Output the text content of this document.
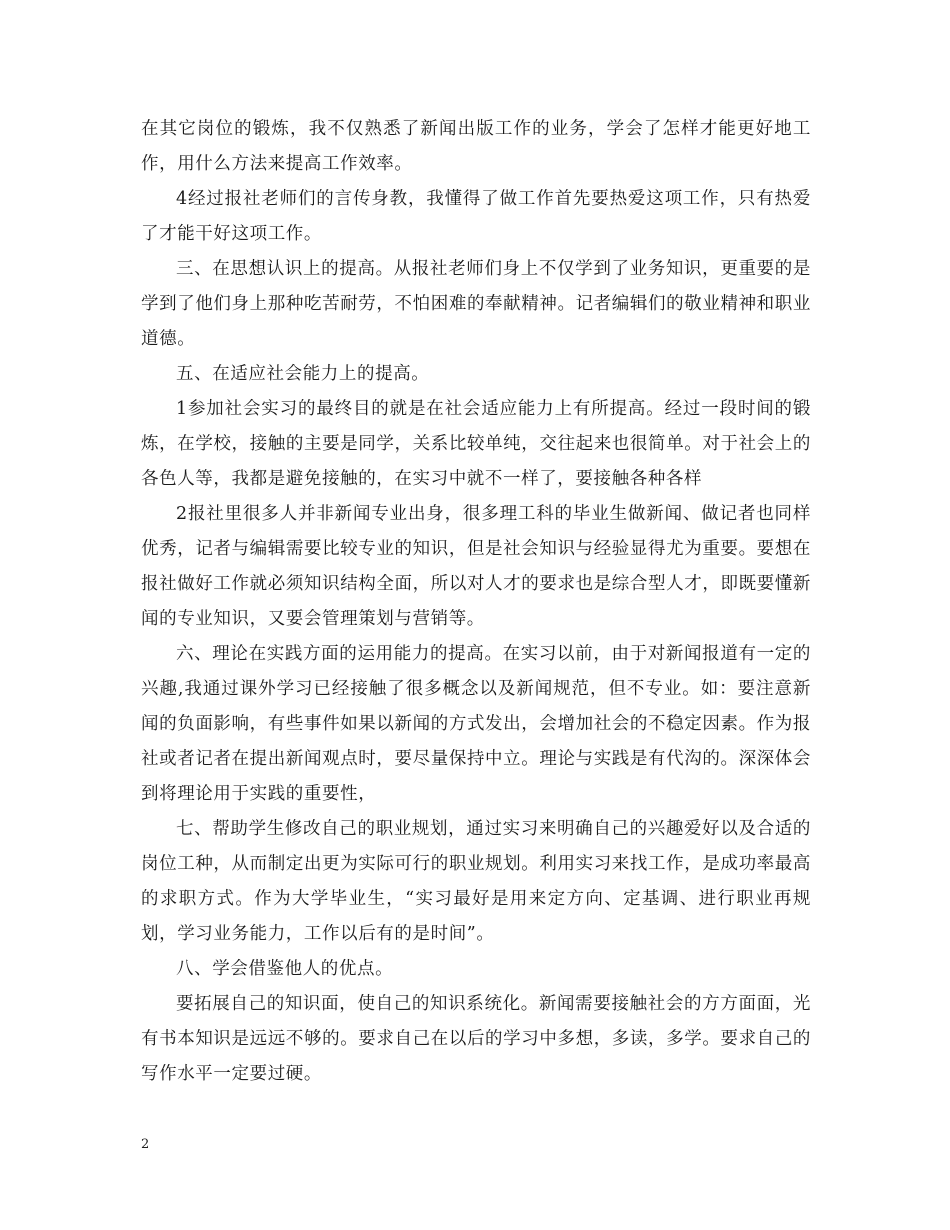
在其它岗位的锻炼，我不仅熟悉了新闻出版工作的业务，学会了怎样才能更好地工作，用什么方法来提高工作效率。

4经过报社老师们的言传身教，我懂得了做工作首先要热爱这项工作，只有热爱了才能干好这项工作。

三、在思想认识上的提高。从报社老师们身上不仅学到了业务知识，更重要的是学到了他们身上那种吃苦耐劳，不怕困难的奉献精神。记者编辑们的敬业精神和职业道德。

五、在适应社会能力上的提高。

1参加社会实习的最终目的就是在社会适应能力上有所提高。经过一段时间的锻炼，在学校，接触的主要是同学，关系比较单纯，交往起来也很简单。对于社会上的各色人等，我都是避免接触的，在实习中就不一样了，要接触各种各样

2报社里很多人并非新闻专业出身，很多理工科的毕业生做新闻、做记者也同样优秀，记者与编辑需要比较专业的知识，但是社会知识与经验显得尤为重要。要想在报社做好工作就必须知识结构全面，所以对人才的要求也是综合型人才，即既要懂新闻的专业知识，又要会管理策划与营销等。

六、理论在实践方面的运用能力的提高。在实习以前，由于对新闻报道有一定的兴趣,我通过课外学习已经接触了很多概念以及新闻规范，但不专业。如：要注意新闻的负面影响，有些事件如果以新闻的方式发出，会增加社会的不稳定因素。作为报社或者记者在提出新闻观点时，要尽量保持中立。理论与实践是有代沟的。深深体会到将理论用于实践的重要性，

七、帮助学生修改自己的职业规划，通过实习来明确自己的兴趣爱好以及合适的岗位工种，从而制定出更为实际可行的职业规划。利用实习来找工作，是成功率最高的求职方式。作为大学毕业生，“实习最好是用来定方向、定基调、进行职业再规划，学习业务能力，工作以后有的是时间”。

八、学会借鉴他人的优点。

要拓展自己的知识面，使自己的知识系统化。新闻需要接触社会的方方面面，光有书本知识是远远不够的。要求自己在以后的学习中多想，多读，多学。要求自己的写作水平一定要过硬。

2
